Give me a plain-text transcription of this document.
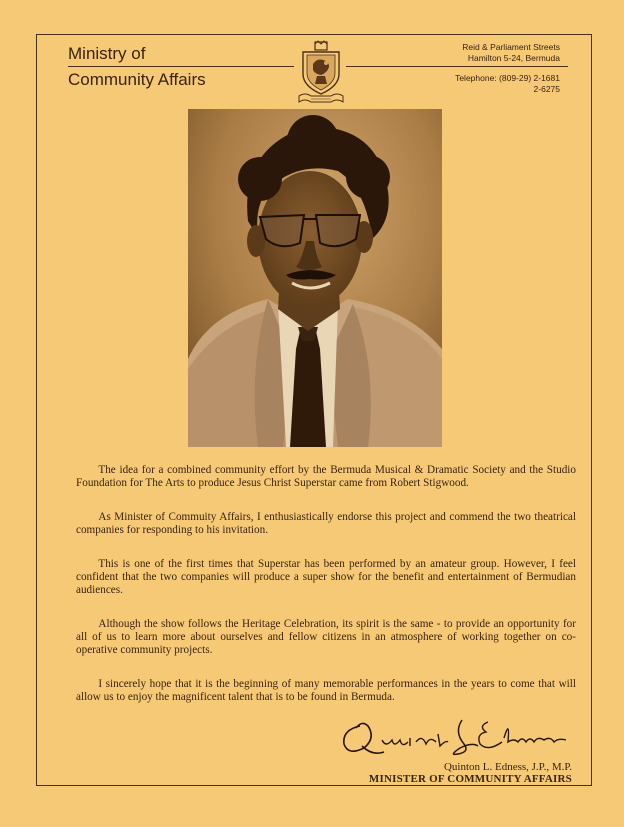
Ministry of
Community Affairs
Reid & Parliament Streets
Hamilton 5-24, Bermuda
Telephone: (809-29) 2-1681
2-6275

  The idea for a combined community effort by the Bermuda Musical & Dramatic Society and the Studio Foundation for The Arts to produce Jesus Christ Superstar came from Robert Stigwood.

  As Minister of Commuity Affairs, I enthusiastically endorse this project and commend the two theatrical companies for responding to his invitation.

  This is one of the first times that Superstar has been performed by an amateur group. However, I feel confident that the two companies will produce a super show for the benefit and entertainment of Bermudian audiences.

  Although the show follows the Heritage Celebration, its spirit is the same - to provide an opportunity for all of us to learn more about ourselves and fellow citizens in an atmosphere of working together on co-operative community projects.

  I sincerely hope that it is the beginning of many memorable performances in the years to come that will allow us to enjoy the magnificent talent that is to be found in Bermuda.

Quinton L. Edness, J.P., M.P.
MINISTER OF COMMUNITY AFFAIRS
